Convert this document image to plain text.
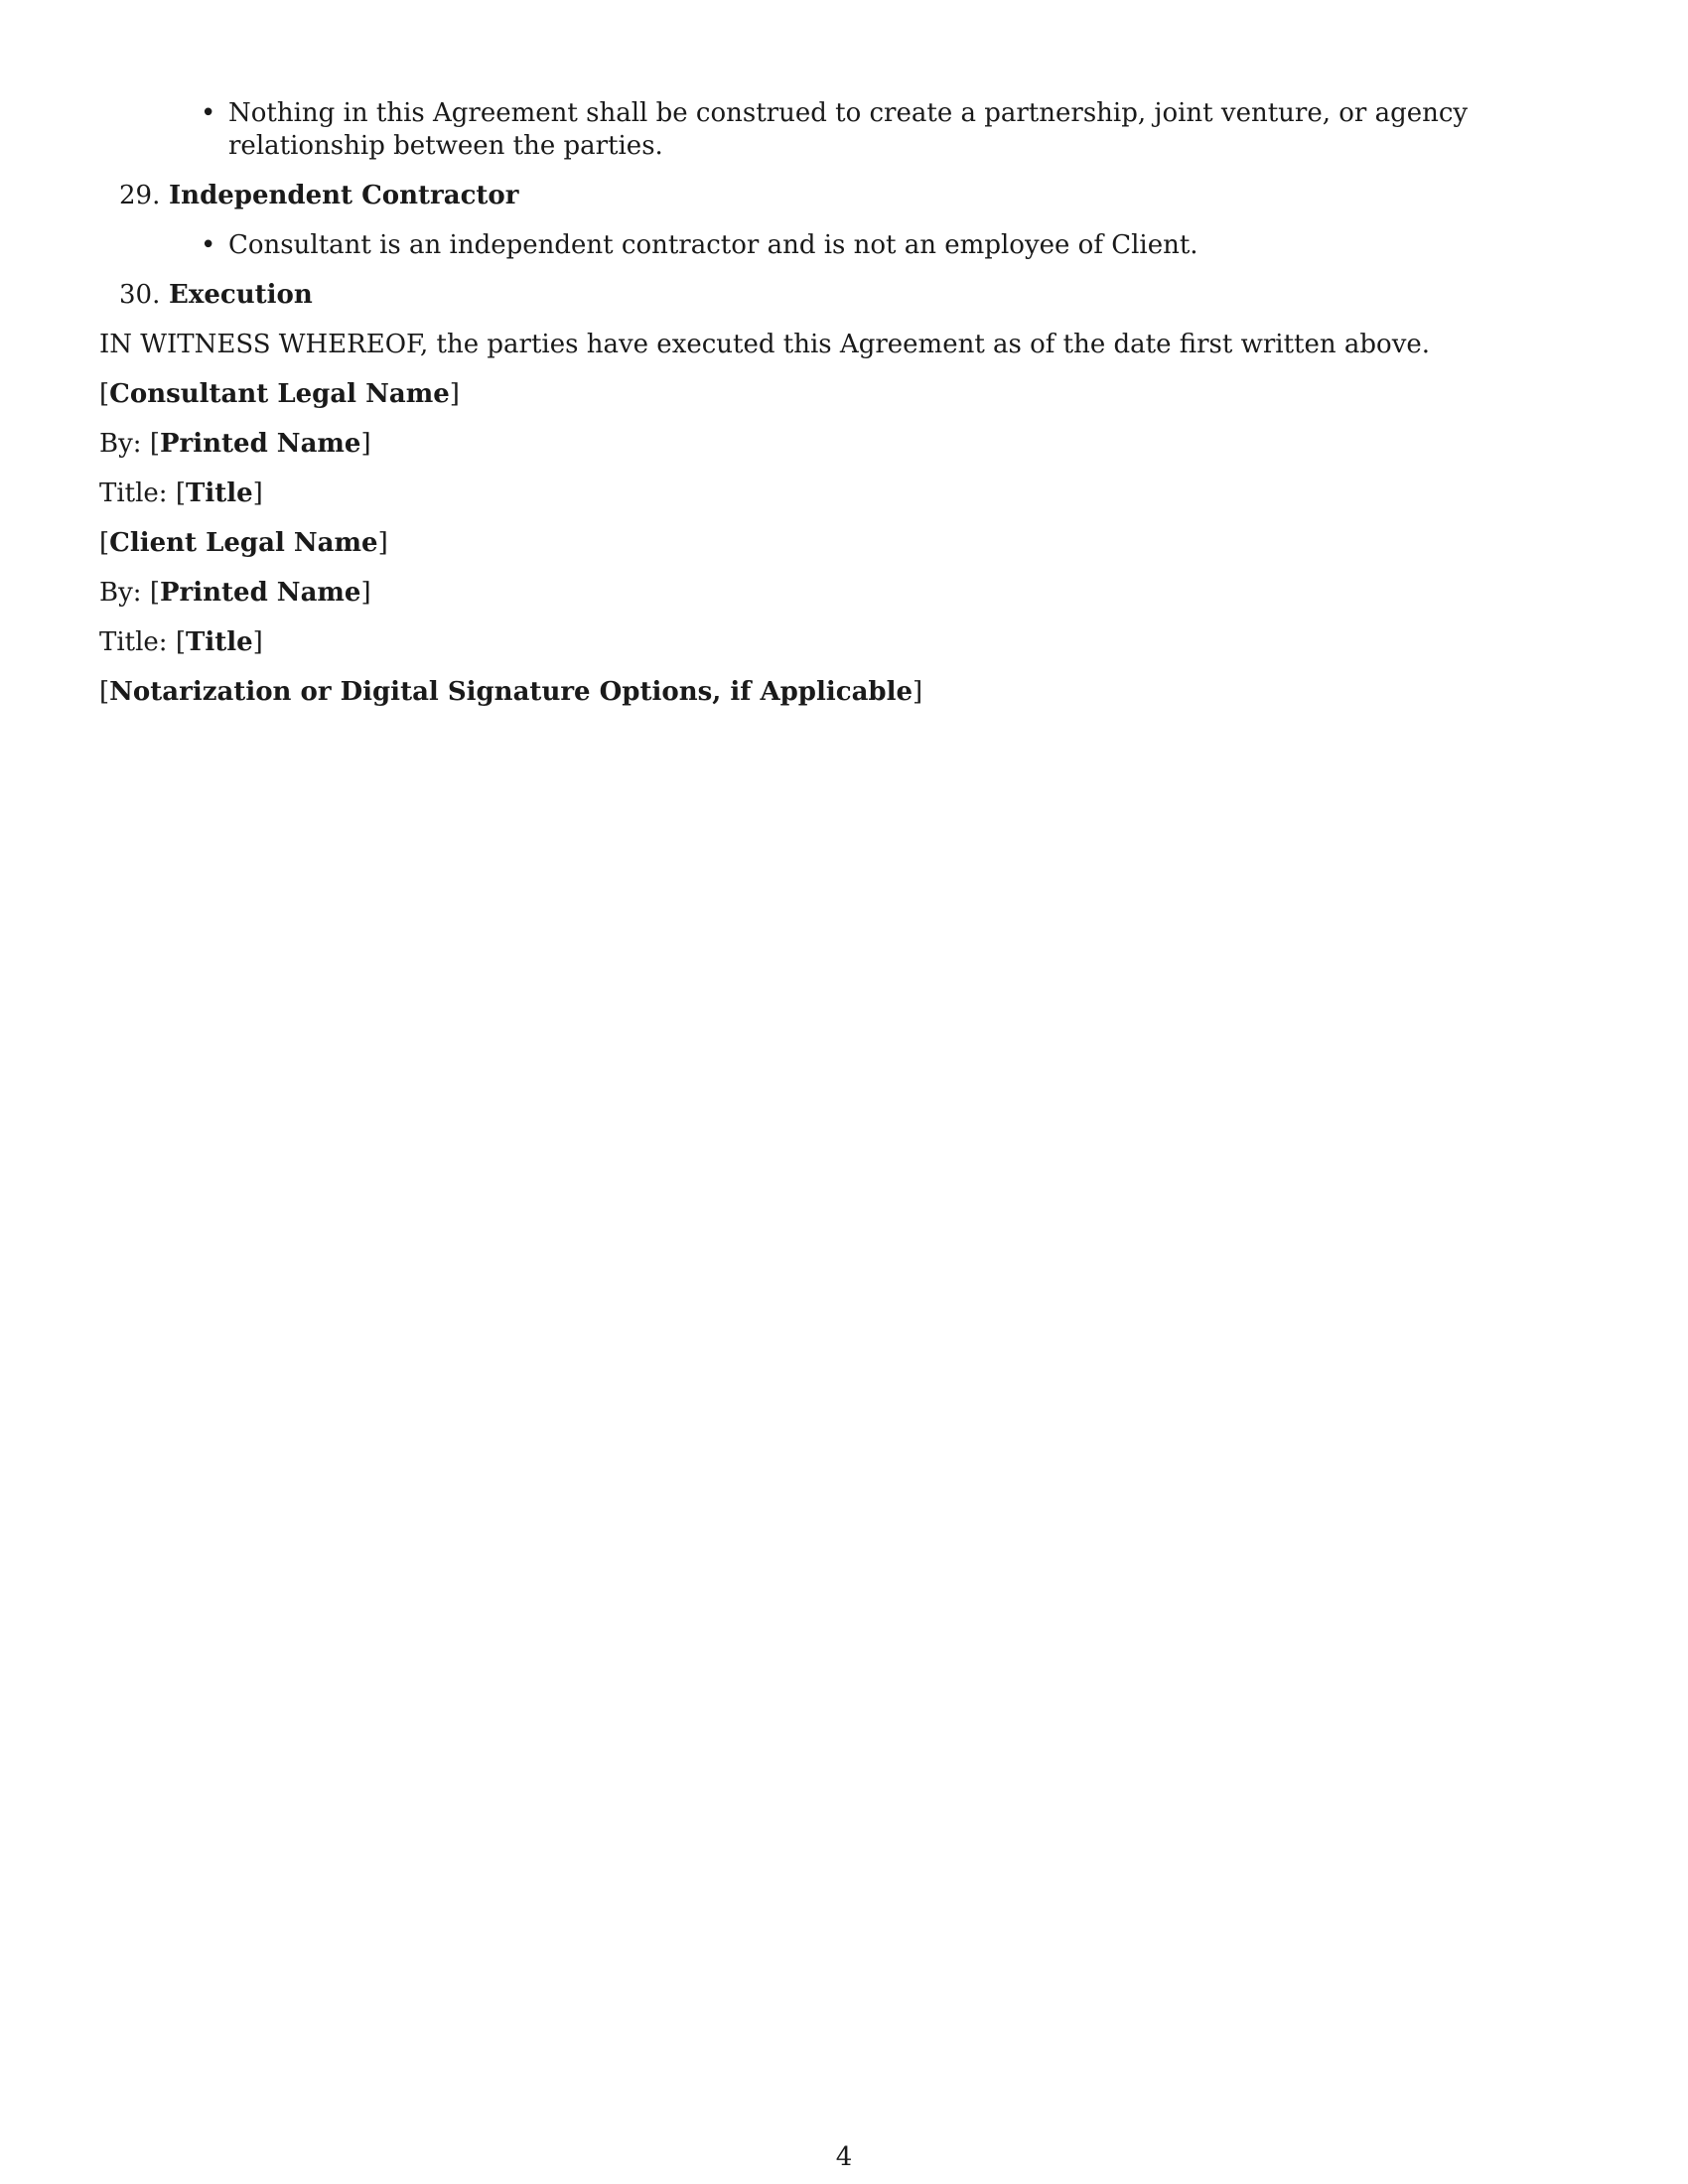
• Nothing in this Agreement shall be construed to create a partnership, joint venture, or agency relationship between the parties.
29. Independent Contractor
• Consultant is an independent contractor and is not an employee of Client.
30. Execution
IN WITNESS WHEREOF, the parties have executed this Agreement as of the date first written above.
[Consultant Legal Name]
By: [Printed Name]
Title: [Title]
[Client Legal Name]
By: [Printed Name]
Title: [Title]
[Notarization or Digital Signature Options, if Applicable]
4
